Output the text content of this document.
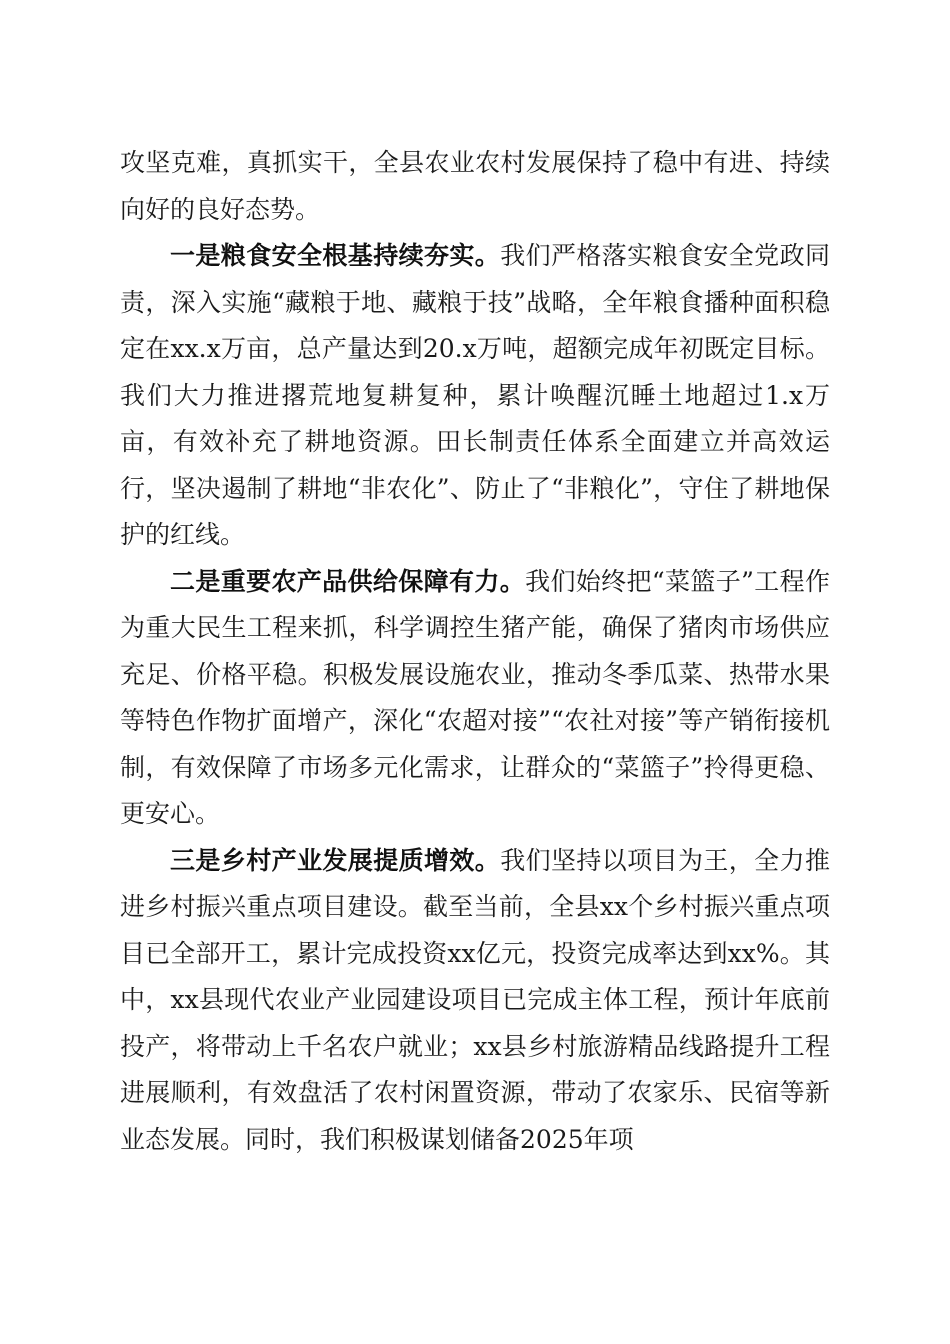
攻坚克难，真抓实干，全县农业农村发展保持了稳中有进、持续向好的良好态势。

一是粮食安全根基持续夯实。我们严格落实粮食安全党政同责，深入实施“藏粮于地、藏粮于技”战略，全年粮食播种面积稳定在xx.x万亩，总产量达到20.x万吨，超额完成年初既定目标。我们大力推进撂荒地复耕复种，累计唤醒沉睡土地超过1.x万亩，有效补充了耕地资源。田长制责任体系全面建立并高效运行，坚决遏制了耕地“非农化”、防止了“非粮化”，守住了耕地保护的红线。

二是重要农产品供给保障有力。我们始终把“菜篮子”工程作为重大民生工程来抓，科学调控生猪产能，确保了猪肉市场供应充足、价格平稳。积极发展设施农业，推动冬季瓜菜、热带水果等特色作物扩面增产，深化“农超对接”“农社对接”等产销衔接机制，有效保障了市场多元化需求，让群众的“菜篮子”拎得更稳、更安心。

三是乡村产业发展提质增效。我们坚持以项目为王，全力推进乡村振兴重点项目建设。截至当前，全县xx个乡村振兴重点项目已全部开工，累计完成投资xx亿元，投资完成率达到xx%。其中，xx县现代农业产业园建设项目已完成主体工程，预计年底前投产，将带动上千名农户就业；xx县乡村旅游精品线路提升工程进展顺利，有效盘活了农村闲置资源，带动了农家乐、民宿等新业态发展。同时，我们积极谋划储备2025年项
